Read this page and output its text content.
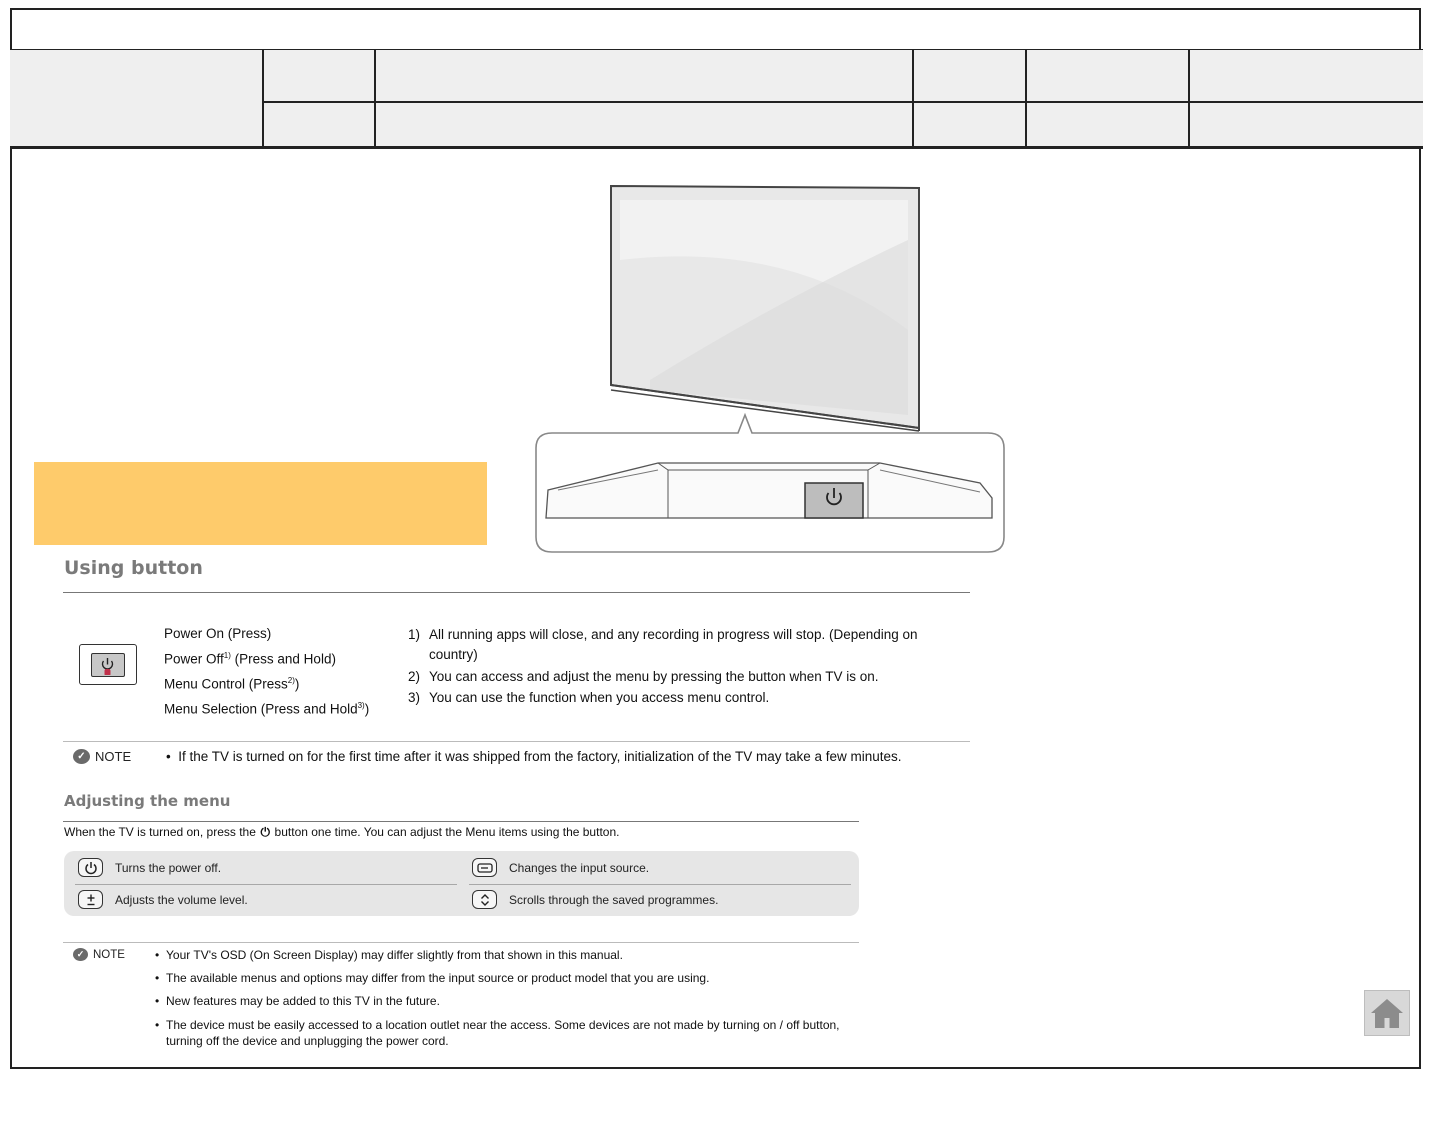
Using button
Power On (Press)
Power Off$^{1)}$ (Press and Hold)
Menu Control (Press$^{2)}$)
Menu Selection (Press and Hold$^{3)}$)
1) All running apps will close, and any recording in progress will stop. (Depending on country)
2) You can access and adjust the menu by pressing the button when TV is on.
3) You can use the function when you access menu control.
✓ NOTE	•  If the TV is turned on for the first time after it was shipped from the factory, initialization of the TV may take a few minutes.
Adjusting the menu
When the TV is turned on, press the ⏻ button one time. You can adjust the Menu items using the button.
Turns the power off.	Changes the input source.
Adjusts the volume level.	Scrolls through the saved programmes.
✓ NOTE	• Your TV's OSD (On Screen Display) may differ slightly from that shown in this manual.
• The available menus and options may differ from the input source or product model that you are using.
• New features may be added to this TV in the future.
• The device must be easily accessed to a location outlet near the access. Some devices are not made by turning on / off button,
turning off the device and unplugging the power cord.
